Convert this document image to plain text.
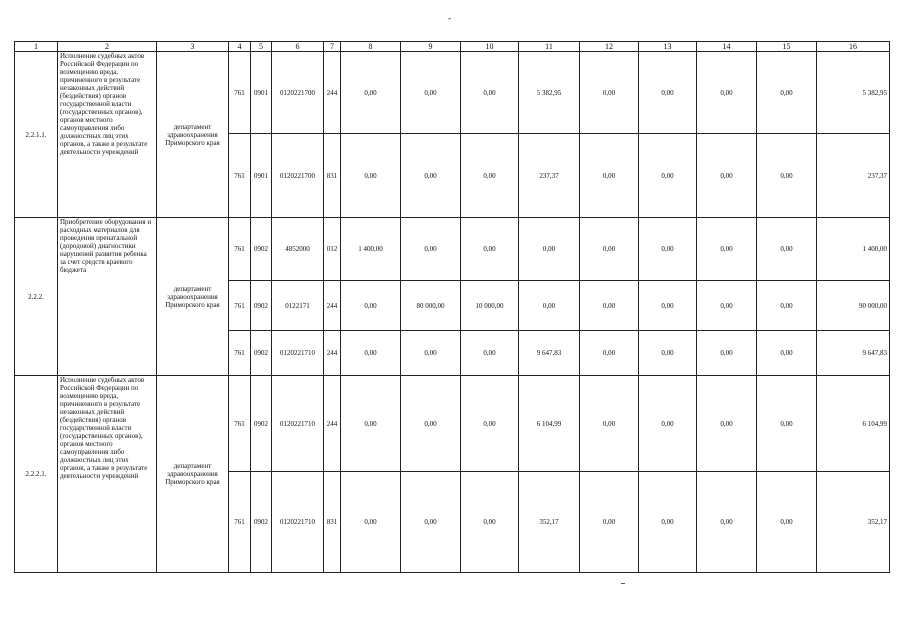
-
1	2	3	4	5	6	7	8	9	10	11	12	13	14	15	16
2.2.1.1.	Исполнение судебных актов Российской Федерации по возмещению вреда, причиненного в результате незаконных действий (бездействия) органов государственной власти (государственных органов), органов местного самоуправления либо должностных лиц этих органов, а также в результате деятельности учреждений	департамент здравоохранения Приморского края	761	0901	0120221700	244	0,00	0,00	0,00	5 382,95	0,00	0,00	0,00	0,00	5 382,95
			761	0901	0120221700	831	0,00	0,00	0,00	237,37	0,00	0,00	0,00	0,00	237,37
2.2.2.	Приобретение оборудования и расходных материалов для проведения пренатальной (дородовой) диагностики нарушений развития ребенка за счет средств краевого бюджета	департамент здравоохранения Приморского края	761	0902	4852000	012	1 400,00	0,00	0,00	0,00	0,00	0,00	0,00	0,00	1 400,00
			761	0902	0122171	244	0,00	80 000,00	10 000,00	0,00	0,00	0,00	0,00	0,00	90 000,00
			761	0902	0120221710	244	0,00	0,00	0,00	9 647,83	0,00	0,00	0,00	0,00	9 647,83
2.2.2.1.	Исполнение судебных актов Российской Федерации по возмещению вреда, причиненного в результате незаконных действий (бездействия) органов государственной власти (государственных органов), органов местного самоуправления либо должностных лиц этих органов, а также в результате деятельности учреждений	департамент здравоохранения Приморского края	761	0902	0120221710	244	0,00	0,00	0,00	6 104,99	0,00	0,00	0,00	0,00	6 104,99
			761	0902	0120221710	831	0,00	0,00	0,00	352,17	0,00	0,00	0,00	0,00	352,17
